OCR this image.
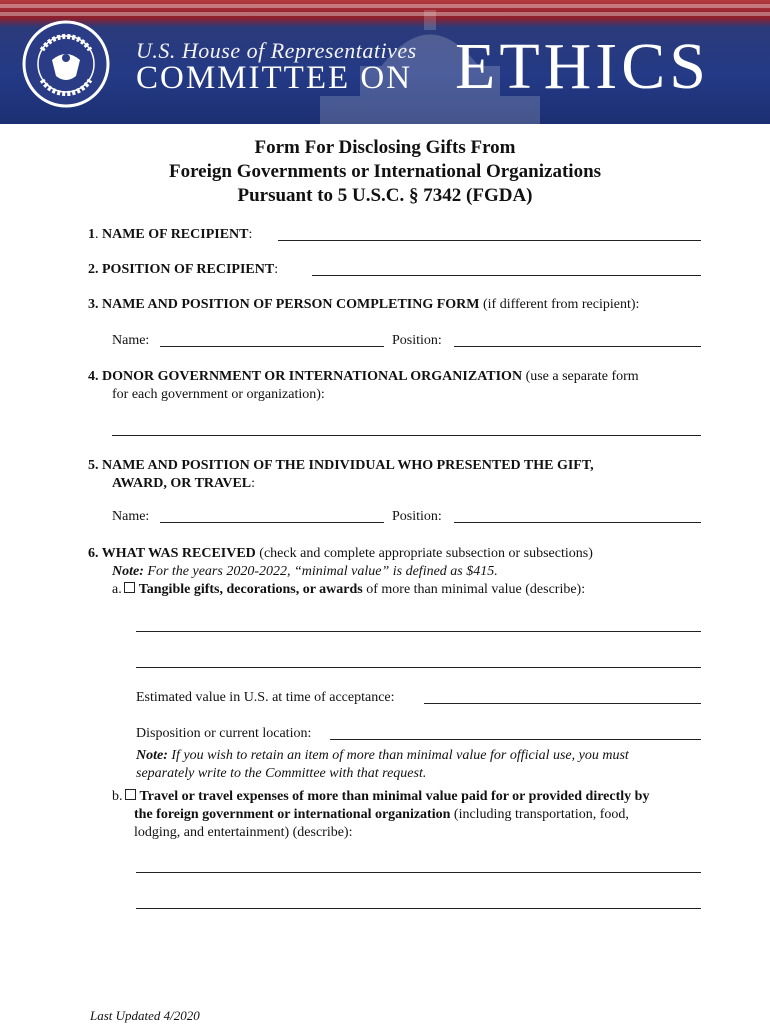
U.S. House of Representatives
COMMITTEE ON ETHICS
Form For Disclosing Gifts From
Foreign Governments or International Organizations
Pursuant to 5 U.S.C. § 7342 (FGDA)
1. NAME OF RECIPIENT:
2. POSITION OF RECIPIENT:
3. NAME AND POSITION OF PERSON COMPLETING FORM (if different from recipient):
Name:	Position:
4. DONOR GOVERNMENT OR INTERNATIONAL ORGANIZATION (use a separate form
for each government or organization):
5. NAME AND POSITION OF THE INDIVIDUAL WHO PRESENTED THE GIFT,
AWARD, OR TRAVEL:
Name:	Position:
6. WHAT WAS RECEIVED (check and complete appropriate subsection or subsections)
Note: For the years 2020-2022, “minimal value” is defined as $415.
a. Tangible gifts, decorations, or awards of more than minimal value (describe):
Estimated value in U.S. at time of acceptance:
Disposition or current location:
Note: If you wish to retain an item of more than minimal value for official use, you must
separately write to the Committee with that request.
b. Travel or travel expenses of more than minimal value paid for or provided directly by
the foreign government or international organization (including transportation, food,
lodging, and entertainment) (describe):
Last Updated 4/2020
